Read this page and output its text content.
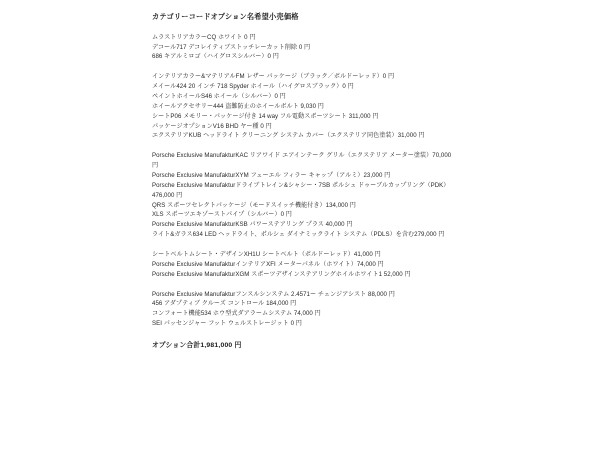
カテゴリーコードオプション名希望小売価格
ムラストリアカラーCQ ホワイト 0 円
デコール717 デコレイティブストッチレーカット削除 0 円
686 キアルミロゴ（ハイグロスシルバー）0 円
インテリアカラー&マテリアルFM レザー パッケージ（ブラック／ボルドーレッド）0 円
メイール424 20 インチ 718 Spyder ホイール（ハイグロスブラック）0 円
ペイントホイールS46 ホイール（シルバー）0 円
ホイールアクセサリー444 盗難防止のホイールボルト 9,030 円
シートP06 メモリー・パッケージ付き 14 way フル電動スポーツシート 311,000 円
パッケージオプションV16 BHD ヤー種 0 円
エクステリアKUB ヘッドライト クリーニング システム カバー（エクステリア同色塗装）31,000 円
Porsche Exclusive ManufakturKAC リアワイド エアインテーク グリル（エクステリア メーター塗装）70,000 円
Porsche Exclusive ManufakturXYM フューエル フィラー キャップ（アルミ）23,000 円
Porsche Exclusive Manufakturドライブトレイン&シャシー・7SB ポルシェ ドゥーブルカップリング（PDK）476,000 円
QRS スポーツセレクトパッケージ（モードスイッチ機能付き）134,000 円
XLS スポーツエキゾーストパイプ（シルバー）0 円
Porsche Exclusive ManufakturKSB パワーステアリング プラス 40,000 円
ライト&ガラス634 LED ヘッドライト、ポルシェ ダイナミックライト システム（PDLS）を含む279,000 円
シートベルトムシート・デザインXH1U シートベルト（ボルドーレッド）41,000 円
Porsche Exclusive ManufakturインテリアXFI メーターパネル（ホワイト）74,000 円
Porsche Exclusive ManufakturXGM スポーツデザインステアリングホイルホワイト1 52,000 円
Porsche Exclusive Manufakturフンスルシンステム 2.4571ー チェンジアシスト 88,000 円
456 アダプティブ クルーズ コントロール 184,000 円
コンフォート機能534 ホウ型式ダアラームシステム 74,000 円
SEI パッセンジャー フット ウェルストレージット 0 円
オプション合計1,981,000 円
